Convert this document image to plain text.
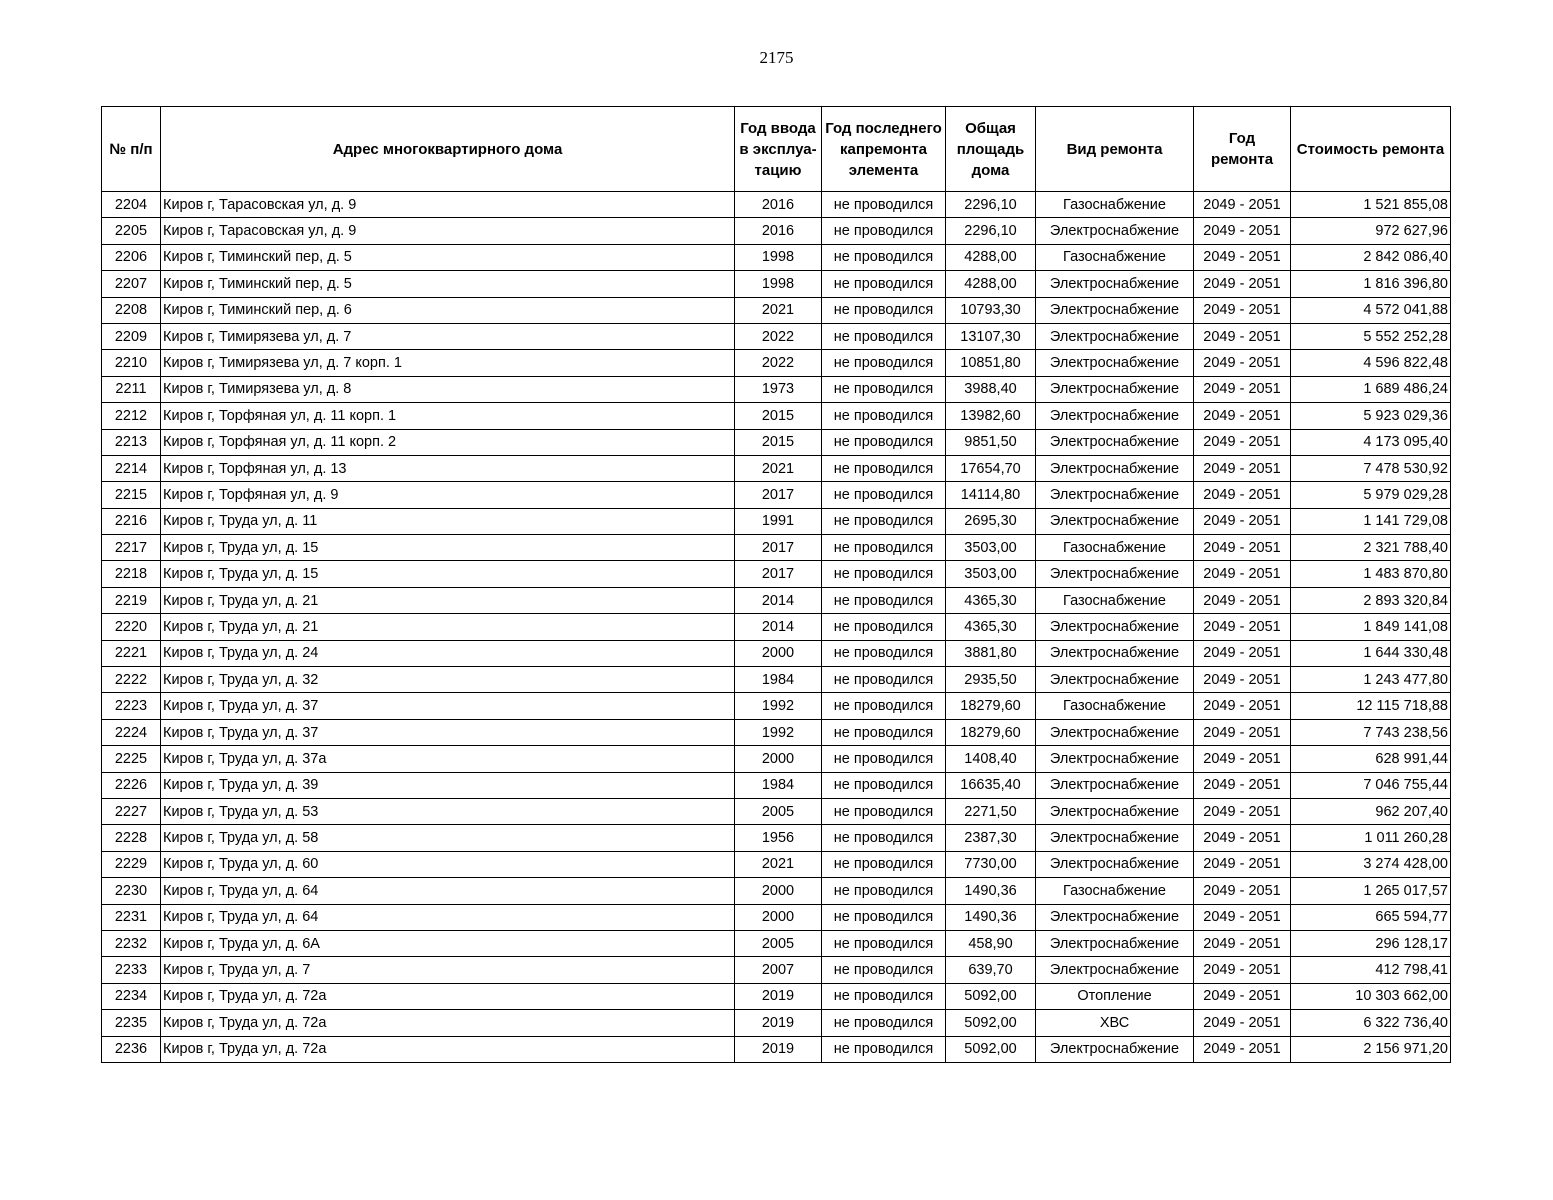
2175
№ п/п	Адрес многоквартирного дома	Год ввода в эксплуа-тацию	Год последнего капремонта элемента	Общая площадь дома	Вид ремонта	Год ремонта	Стоимость ремонта
2204	Киров г, Тарасовская ул, д. 9	2016	не проводился	2296,10	Газоснабжение	2049 - 2051	1 521 855,08
2205	Киров г, Тарасовская ул, д. 9	2016	не проводился	2296,10	Электроснабжение	2049 - 2051	972 627,96
2206	Киров г, Тиминский пер, д. 5	1998	не проводился	4288,00	Газоснабжение	2049 - 2051	2 842 086,40
2207	Киров г, Тиминский пер, д. 5	1998	не проводился	4288,00	Электроснабжение	2049 - 2051	1 816 396,80
2208	Киров г, Тиминский пер, д. 6	2021	не проводился	10793,30	Электроснабжение	2049 - 2051	4 572 041,88
2209	Киров г, Тимирязева ул, д. 7	2022	не проводился	13107,30	Электроснабжение	2049 - 2051	5 552 252,28
2210	Киров г, Тимирязева ул, д. 7 корп. 1	2022	не проводился	10851,80	Электроснабжение	2049 - 2051	4 596 822,48
2211	Киров г, Тимирязева ул, д. 8	1973	не проводился	3988,40	Электроснабжение	2049 - 2051	1 689 486,24
2212	Киров г, Торфяная ул, д. 11 корп. 1	2015	не проводился	13982,60	Электроснабжение	2049 - 2051	5 923 029,36
2213	Киров г, Торфяная ул, д. 11 корп. 2	2015	не проводился	9851,50	Электроснабжение	2049 - 2051	4 173 095,40
2214	Киров г, Торфяная ул, д. 13	2021	не проводился	17654,70	Электроснабжение	2049 - 2051	7 478 530,92
2215	Киров г, Торфяная ул, д. 9	2017	не проводился	14114,80	Электроснабжение	2049 - 2051	5 979 029,28
2216	Киров г, Труда ул, д. 11	1991	не проводился	2695,30	Электроснабжение	2049 - 2051	1 141 729,08
2217	Киров г, Труда ул, д. 15	2017	не проводился	3503,00	Газоснабжение	2049 - 2051	2 321 788,40
2218	Киров г, Труда ул, д. 15	2017	не проводился	3503,00	Электроснабжение	2049 - 2051	1 483 870,80
2219	Киров г, Труда ул, д. 21	2014	не проводился	4365,30	Газоснабжение	2049 - 2051	2 893 320,84
2220	Киров г, Труда ул, д. 21	2014	не проводился	4365,30	Электроснабжение	2049 - 2051	1 849 141,08
2221	Киров г, Труда ул, д. 24	2000	не проводился	3881,80	Электроснабжение	2049 - 2051	1 644 330,48
2222	Киров г, Труда ул, д. 32	1984	не проводился	2935,50	Электроснабжение	2049 - 2051	1 243 477,80
2223	Киров г, Труда ул, д. 37	1992	не проводился	18279,60	Газоснабжение	2049 - 2051	12 115 718,88
2224	Киров г, Труда ул, д. 37	1992	не проводился	18279,60	Электроснабжение	2049 - 2051	7 743 238,56
2225	Киров г, Труда ул, д. 37а	2000	не проводился	1408,40	Электроснабжение	2049 - 2051	628 991,44
2226	Киров г, Труда ул, д. 39	1984	не проводился	16635,40	Электроснабжение	2049 - 2051	7 046 755,44
2227	Киров г, Труда ул, д. 53	2005	не проводился	2271,50	Электроснабжение	2049 - 2051	962 207,40
2228	Киров г, Труда ул, д. 58	1956	не проводился	2387,30	Электроснабжение	2049 - 2051	1 011 260,28
2229	Киров г, Труда ул, д. 60	2021	не проводился	7730,00	Электроснабжение	2049 - 2051	3 274 428,00
2230	Киров г, Труда ул, д. 64	2000	не проводился	1490,36	Газоснабжение	2049 - 2051	1 265 017,57
2231	Киров г, Труда ул, д. 64	2000	не проводился	1490,36	Электроснабжение	2049 - 2051	665 594,77
2232	Киров г, Труда ул, д. 6А	2005	не проводился	458,90	Электроснабжение	2049 - 2051	296 128,17
2233	Киров г, Труда ул, д. 7	2007	не проводился	639,70	Электроснабжение	2049 - 2051	412 798,41
2234	Киров г, Труда ул, д. 72а	2019	не проводился	5092,00	Отопление	2049 - 2051	10 303 662,00
2235	Киров г, Труда ул, д. 72а	2019	не проводился	5092,00	ХВС	2049 - 2051	6 322 736,40
2236	Киров г, Труда ул, д. 72а	2019	не проводился	5092,00	Электроснабжение	2049 - 2051	2 156 971,20
